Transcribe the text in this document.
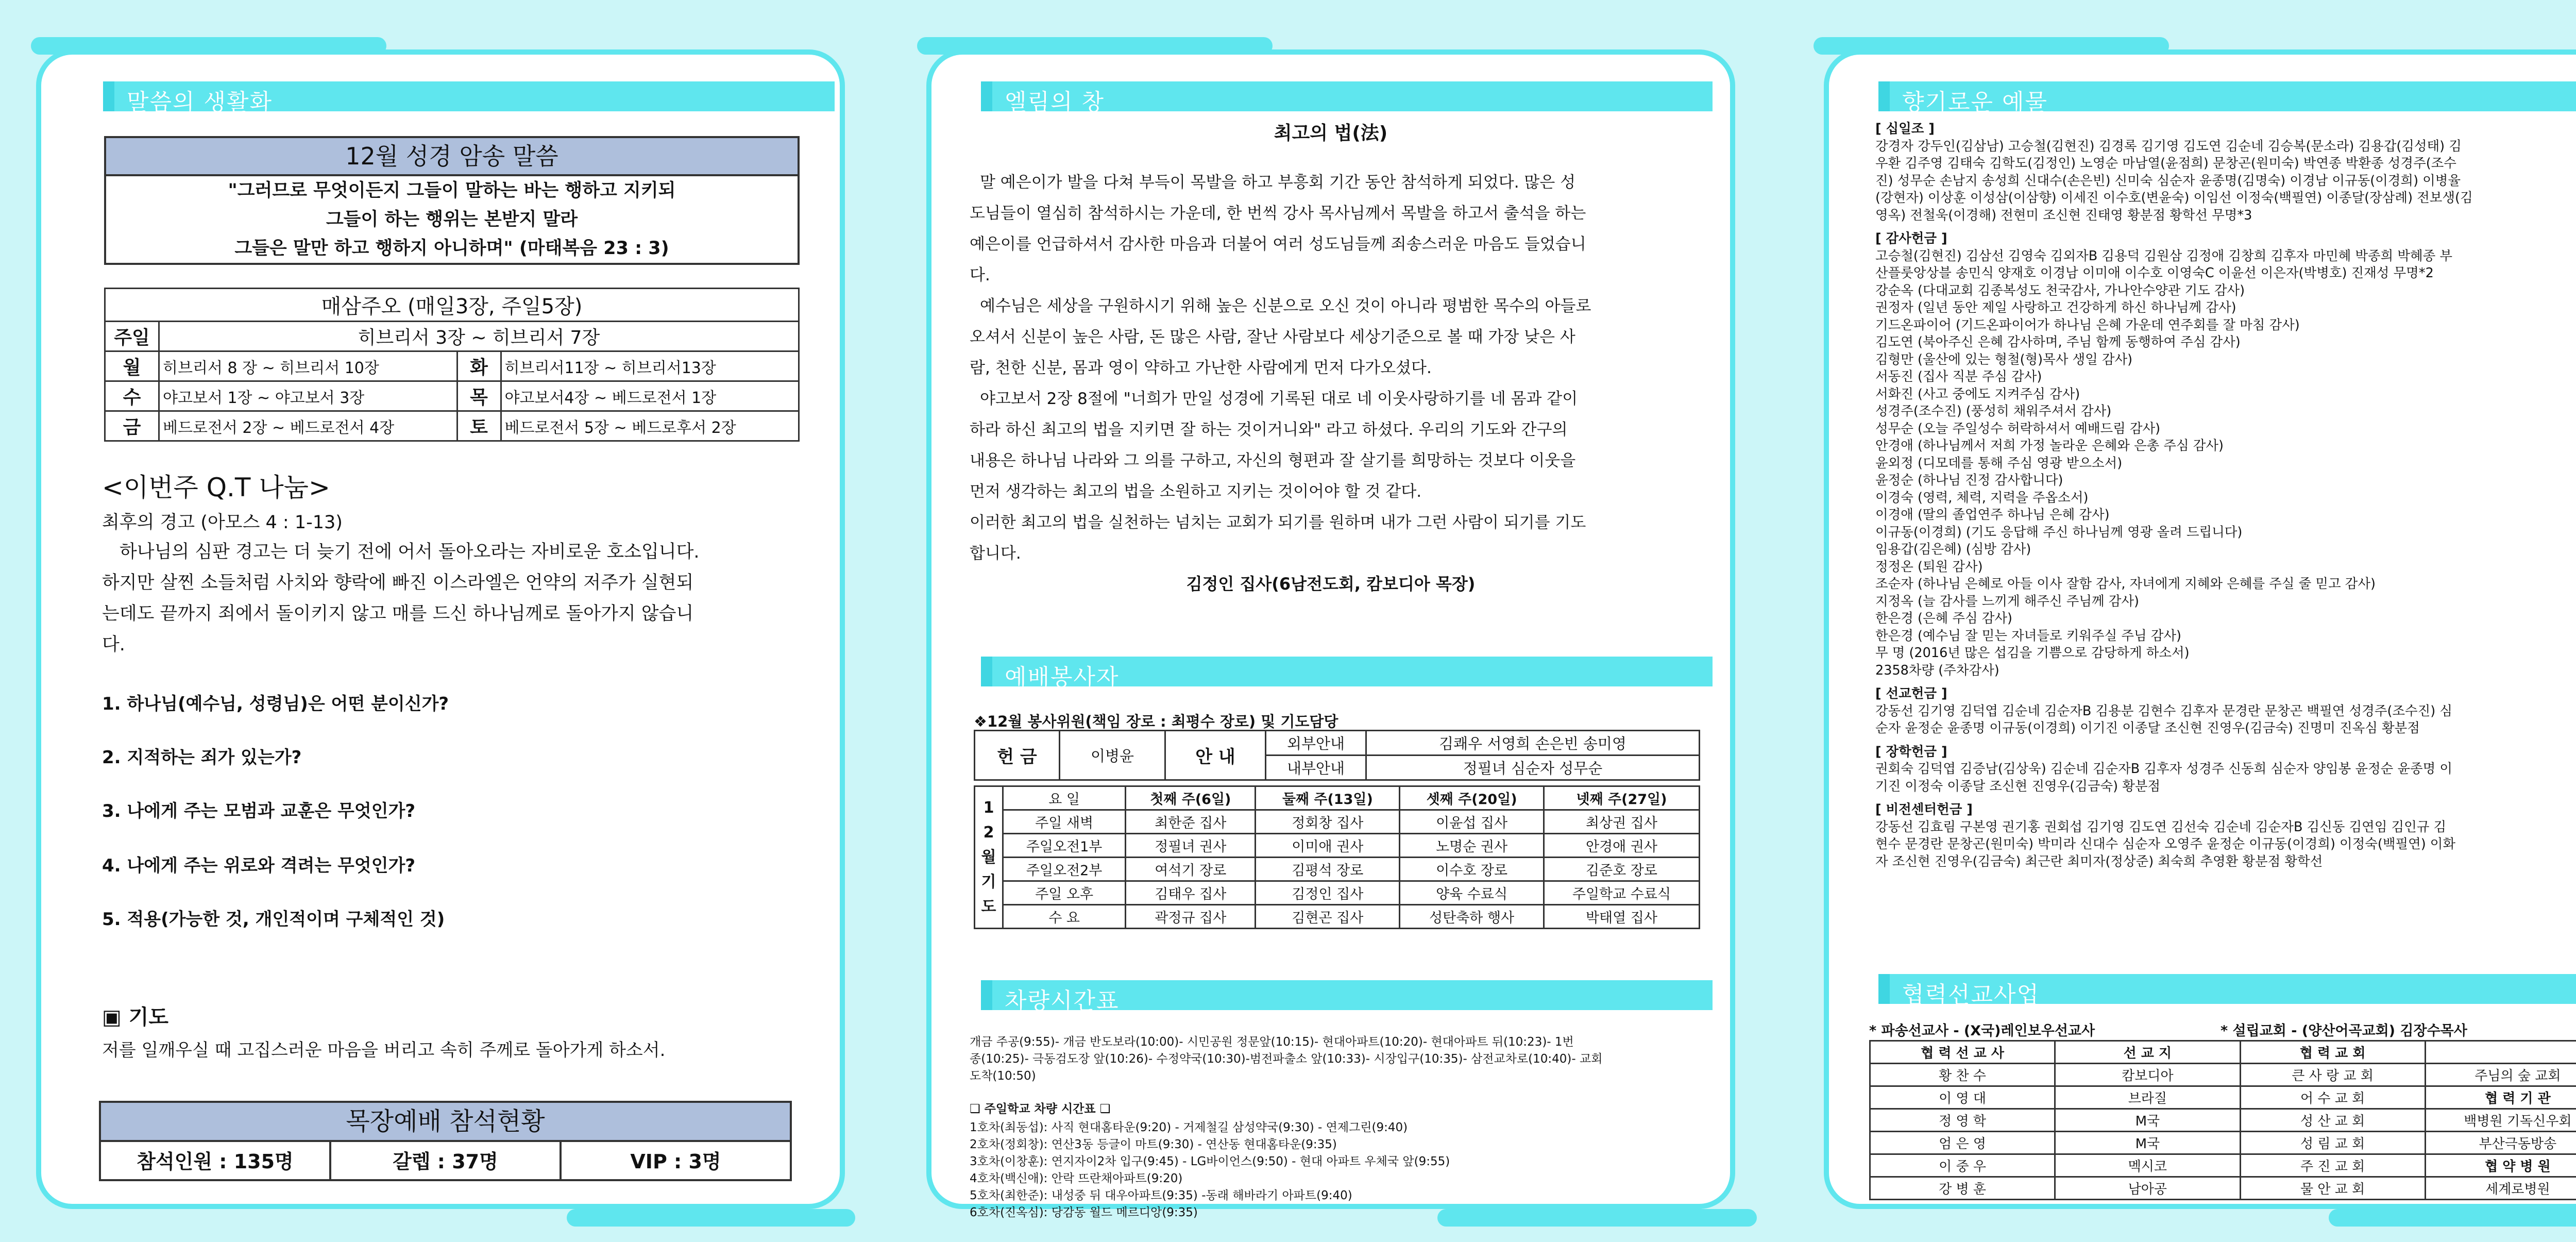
말씀의 생활화
12월 성경 암송 말씀
"그러므로 무엇이든지 그들이 말하는 바는 행하고 지키되
그들이 하는 행위는 본받지 말라
그들은 말만 하고 행하지 아니하며" (마태복음 23 : 3)
매삼주오 (매일3장, 주일5장)			
주일	히브리서 3장 ~ 히브리서 7장		
월	히브리서 8 장 ~ 히브리서 10장	화	히브리서11장 ~ 히브리서13장
수	야고보서 1장 ~ 야고보서 3장	목	야고보서4장 ~ 베드로전서 1장
금	베드로전서 2장 ~ 베드로전서 4장	토	베드로전서 5장 ~ 베드로후서 2장
<이번주 Q.T 나눔>
최후의 경고 (아모스 4 : 1-13)
하나님의 심판 경고는 더 늦기 전에 어서 돌아오라는 자비로운 호소입니다.
하지만 살찐 소들처럼 사치와 향락에 빠진 이스라엘은 언약의 저주가 실현되
는데도 끝까지 죄에서 돌이키지 않고 매를 드신 하나님께로 돌아가지 않습니
다.
1. 하나님(예수님, 성령님)은 어떤 분이신가?
2. 지적하는 죄가 있는가?
3. 나에게 주는 모범과 교훈은 무엇인가?
4. 나에게 주는 위로와 격려는 무엇인가?
5. 적용(가능한 것, 개인적이며 구체적인 것)
▣ 기도
저를 일깨우실 때 고집스러운 마음을 버리고 속히 주께로 돌아가게 하소서.
목장예배 참석현황
참석인원 : 135명	갈렙 : 37명	VIP : 3명
엘림의 창
최고의 법(法)
말 예은이가 발을 다쳐 부득이 목발을 하고 부흥회 기간 동안 참석하게 되었다. 많은 성
도님들이 열심히 참석하시는 가운데, 한 번씩 강사 목사님께서 목발을 하고서 출석을 하는
예은이를 언급하셔서 감사한 마음과 더불어 여러 성도님들께 죄송스러운 마음도 들었습니
다.
예수님은 세상을 구원하시기 위해 높은 신분으로 오신 것이 아니라 평범한 목수의 아들로
오셔서 신분이 높은 사람, 돈 많은 사람, 잘난 사람보다 세상기준으로 볼 때 가장 낮은 사
람, 천한 신분, 몸과 영이 약하고 가난한 사람에게 먼저 다가오셨다.
야고보서 2장 8절에 "너희가 만일 성경에 기록된 대로 네 이웃사랑하기를 네 몸과 같이
하라 하신 최고의 법을 지키면 잘 하는 것이거니와" 라고 하셨다. 우리의 기도와 간구의
내용은 하나님 나라와 그 의를 구하고, 자신의 형편과 잘 살기를 희망하는 것보다 이웃을
먼저 생각하는 최고의 법을 소원하고 지키는 것이어야 할 것 같다.
이러한 최고의 법을 실천하는 넘치는 교회가 되기를 원하며 내가 그런 사람이 되기를 기도
합니다.
김정인 집사(6남전도회, 캄보디아 목장)
예배봉사자
❖12월 봉사위원(책임 장로 : 최평수 장로) 및 기도담당
헌 금	이병윤	안 내	외부안내	김쾌우 서영희 손은빈 송미영
			내부안내	정필녀 심순자 성무순
12월기도	요 일	첫째 주(6일)	둘째 주(13일)	셋째 주(20일)	넷째 주(27일)
	주일 새벽	최한준 집사	정회창 집사	이윤섭 집사	최상권 집사
	주일오전1부	정필녀 권사	이미애 권사	노명순 권사	안경애 권사
	주일오전2부	여석기 장로	김평석 장로	이수호 장로	김준호 장로
	주일 오후	김태우 집사	김정인 집사	양육 수료식	주일학교 수료식
	수 요	곽정규 집사	김현곤 집사	성탄축하 행사	박태열 집사
차량시간표
개금 주공(9:55)- 개금 반도보라(10:00)- 시민공원 정문앞(10:15)- 현대아파트(10:20)- 현대아파트 뒤(10:23)- 1번
종(10:25)- 극동검도장 앞(10:26)- 수정약국(10:30)-범전파출소 앞(10:33)- 시장입구(10:35)- 삼전교차로(10:40)- 교회
도착(10:50)
❑ 주일학교 차량 시간표 ❑
1호차(최동섭): 사직 현대홈타운(9:20) - 거제철길 삼성약국(9:30) - 연제그린(9:40)
2호차(정회창): 연산3동 등글이 마트(9:30) - 연산동 현대홈타운(9:35)
3호차(이창훈): 연지자이2차 입구(9:45) - LG바이언스(9:50) - 현대 아파트 우체국 앞(9:55)
4호차(백신애): 안락 뜨란채아파트(9:20)
5호차(최한준): 내성중 뒤 대우아파트(9:35) -동래 해바라기 아파트(9:40)
6호차(진옥심): 당감동 월드 메르디앙(9:35)
향기로운 예물
[ 십일조 ]
강경자 강두인(김삼남) 고승철(김현진) 김경록 김기영 김도연 김순네 김승복(문소라) 김용갑(김성태) 김
우환 김주영 김태숙 김학도(김정인) 노영순 마남열(윤점희) 문창곤(원미숙) 박연종 박환종 성경주(조수
진) 성무순 손남지 송성희 신대수(손은빈) 신미숙 심순자 윤종명(김명숙) 이경남 이규동(이경희) 이병율
(강현자) 이상훈 이성삼(이삼향) 이세진 이수호(변윤숙) 이임선 이정숙(백필연) 이종달(장삼례) 전보생(김
영옥) 전철욱(이경해) 전현미 조신현 진태영 황분점 황학선 무명*3
[ 감사헌금 ]
고승철(김현진) 김삼선 김영숙 김외자B 김용덕 김원삼 김정애 김창희 김후자 마민혜 박종희 박혜종 부
산플룻앙상블 송민식 양재호 이경남 이미애 이수호 이영숙C 이윤선 이은자(박병호) 진재성 무명*2
강순옥 (다대교회 김종복성도 천국감사, 가나안수양관 기도 감사)
권정자 (일년 동안 제일 사랑하고 건강하게 하신 하나님께 감사)
기드온파이어 (기드온파이어가 하나님 은혜 가운데 연주회를 잘 마침 감사)
김도연 (북아주신 은혜 감사하며, 주님 함께 동행하여 주심 감사)
김형만 (울산에 있는 형철(형)목사 생일 감사)
서동진 (집사 직분 주심 감사)
서화진 (사고 중에도 지켜주심 감사)
성경주(조수진) (풍성히 채워주셔서 감사)
성무순 (오늘 주일성수 허락하셔서 예배드림 감사)
안경애 (하나님께서 저희 가정 놀라운 은혜와 은총 주심 감사)
윤외정 (디모데를 통해 주심 영광 받으소서)
윤정순 (하나님 진정 감사합니다)
이경숙 (영력, 체력, 지력을 주옵소서)
이경애 (딸의 졸업연주 하나님 은혜 감사)
이규동(이경희) (기도 응답해 주신 하나님께 영광 올려 드립니다)
임용갑(김은혜) (심방 감사)
정정온 (퇴원 감사)
조순자 (하나님 은혜로 아들 이사 잘함 감사, 자녀에게 지혜와 은혜를 주실 줄 믿고 감사)
지정옥 (늘 감사를 느끼게 해주신 주님께 감사)
한은경 (은혜 주심 감사)
한은경 (예수님 잘 믿는 자녀들로 키워주실 주님 감사)
무 명 (2016년 많은 섭김을 기쁨으로 감당하게 하소서)
2358차량 (주차감사)
[ 선교헌금 ]
강동선 김기영 김덕엽 김순네 김순자B 김용분 김현수 김후자 문경란 문창곤 백필연 성경주(조수진) 심
순자 윤정순 윤종명 이규동(이경희) 이기진 이종달 조신현 진영우(김금숙) 진명미 진옥심 황분점
[ 장학헌금 ]
권회숙 김덕엽 김증남(김상욱) 김순네 김순자B 김후자 성경주 신동희 심순자 양임봉 윤정순 윤종명 이
기진 이정숙 이종달 조신현 진영우(김금숙) 황분점
[ 비전센터헌금 ]
강동선 김효림 구본영 권기홍 권회섭 김기영 김도연 김선숙 김순네 김순자B 김신동 김연임 김인규 김
현수 문경란 문창곤(원미숙) 박미라 신대수 심순자 오영주 윤정순 이규동(이경희) 이정숙(백필연) 이화
자 조신현 진영우(김금숙) 최근란 최미자(정상준) 최숙희 추영환 황분점 황학선
협력선교사업
* 파송선교사 - (X국)레인보우선교사	* 설립교회 - (양산어곡교회) 김장수목사
협 력 선 교 사	선 교 지	협 력 교 회	
황 찬 수	캄보디아	큰 사 랑 교 회	주님의 숲 교회
이 영 대	브라질	어 수 교 회	협 력 기 관
정 영 학	M국	성 산 교 회	백병원 기독신우회
엄 은 영	M국	성 림 교 회	부산극동방송
이 중 우	멕시코	주 진 교 회	협 약 병 원
강 병 훈	남아공	물 안 교 회	세계로병원
